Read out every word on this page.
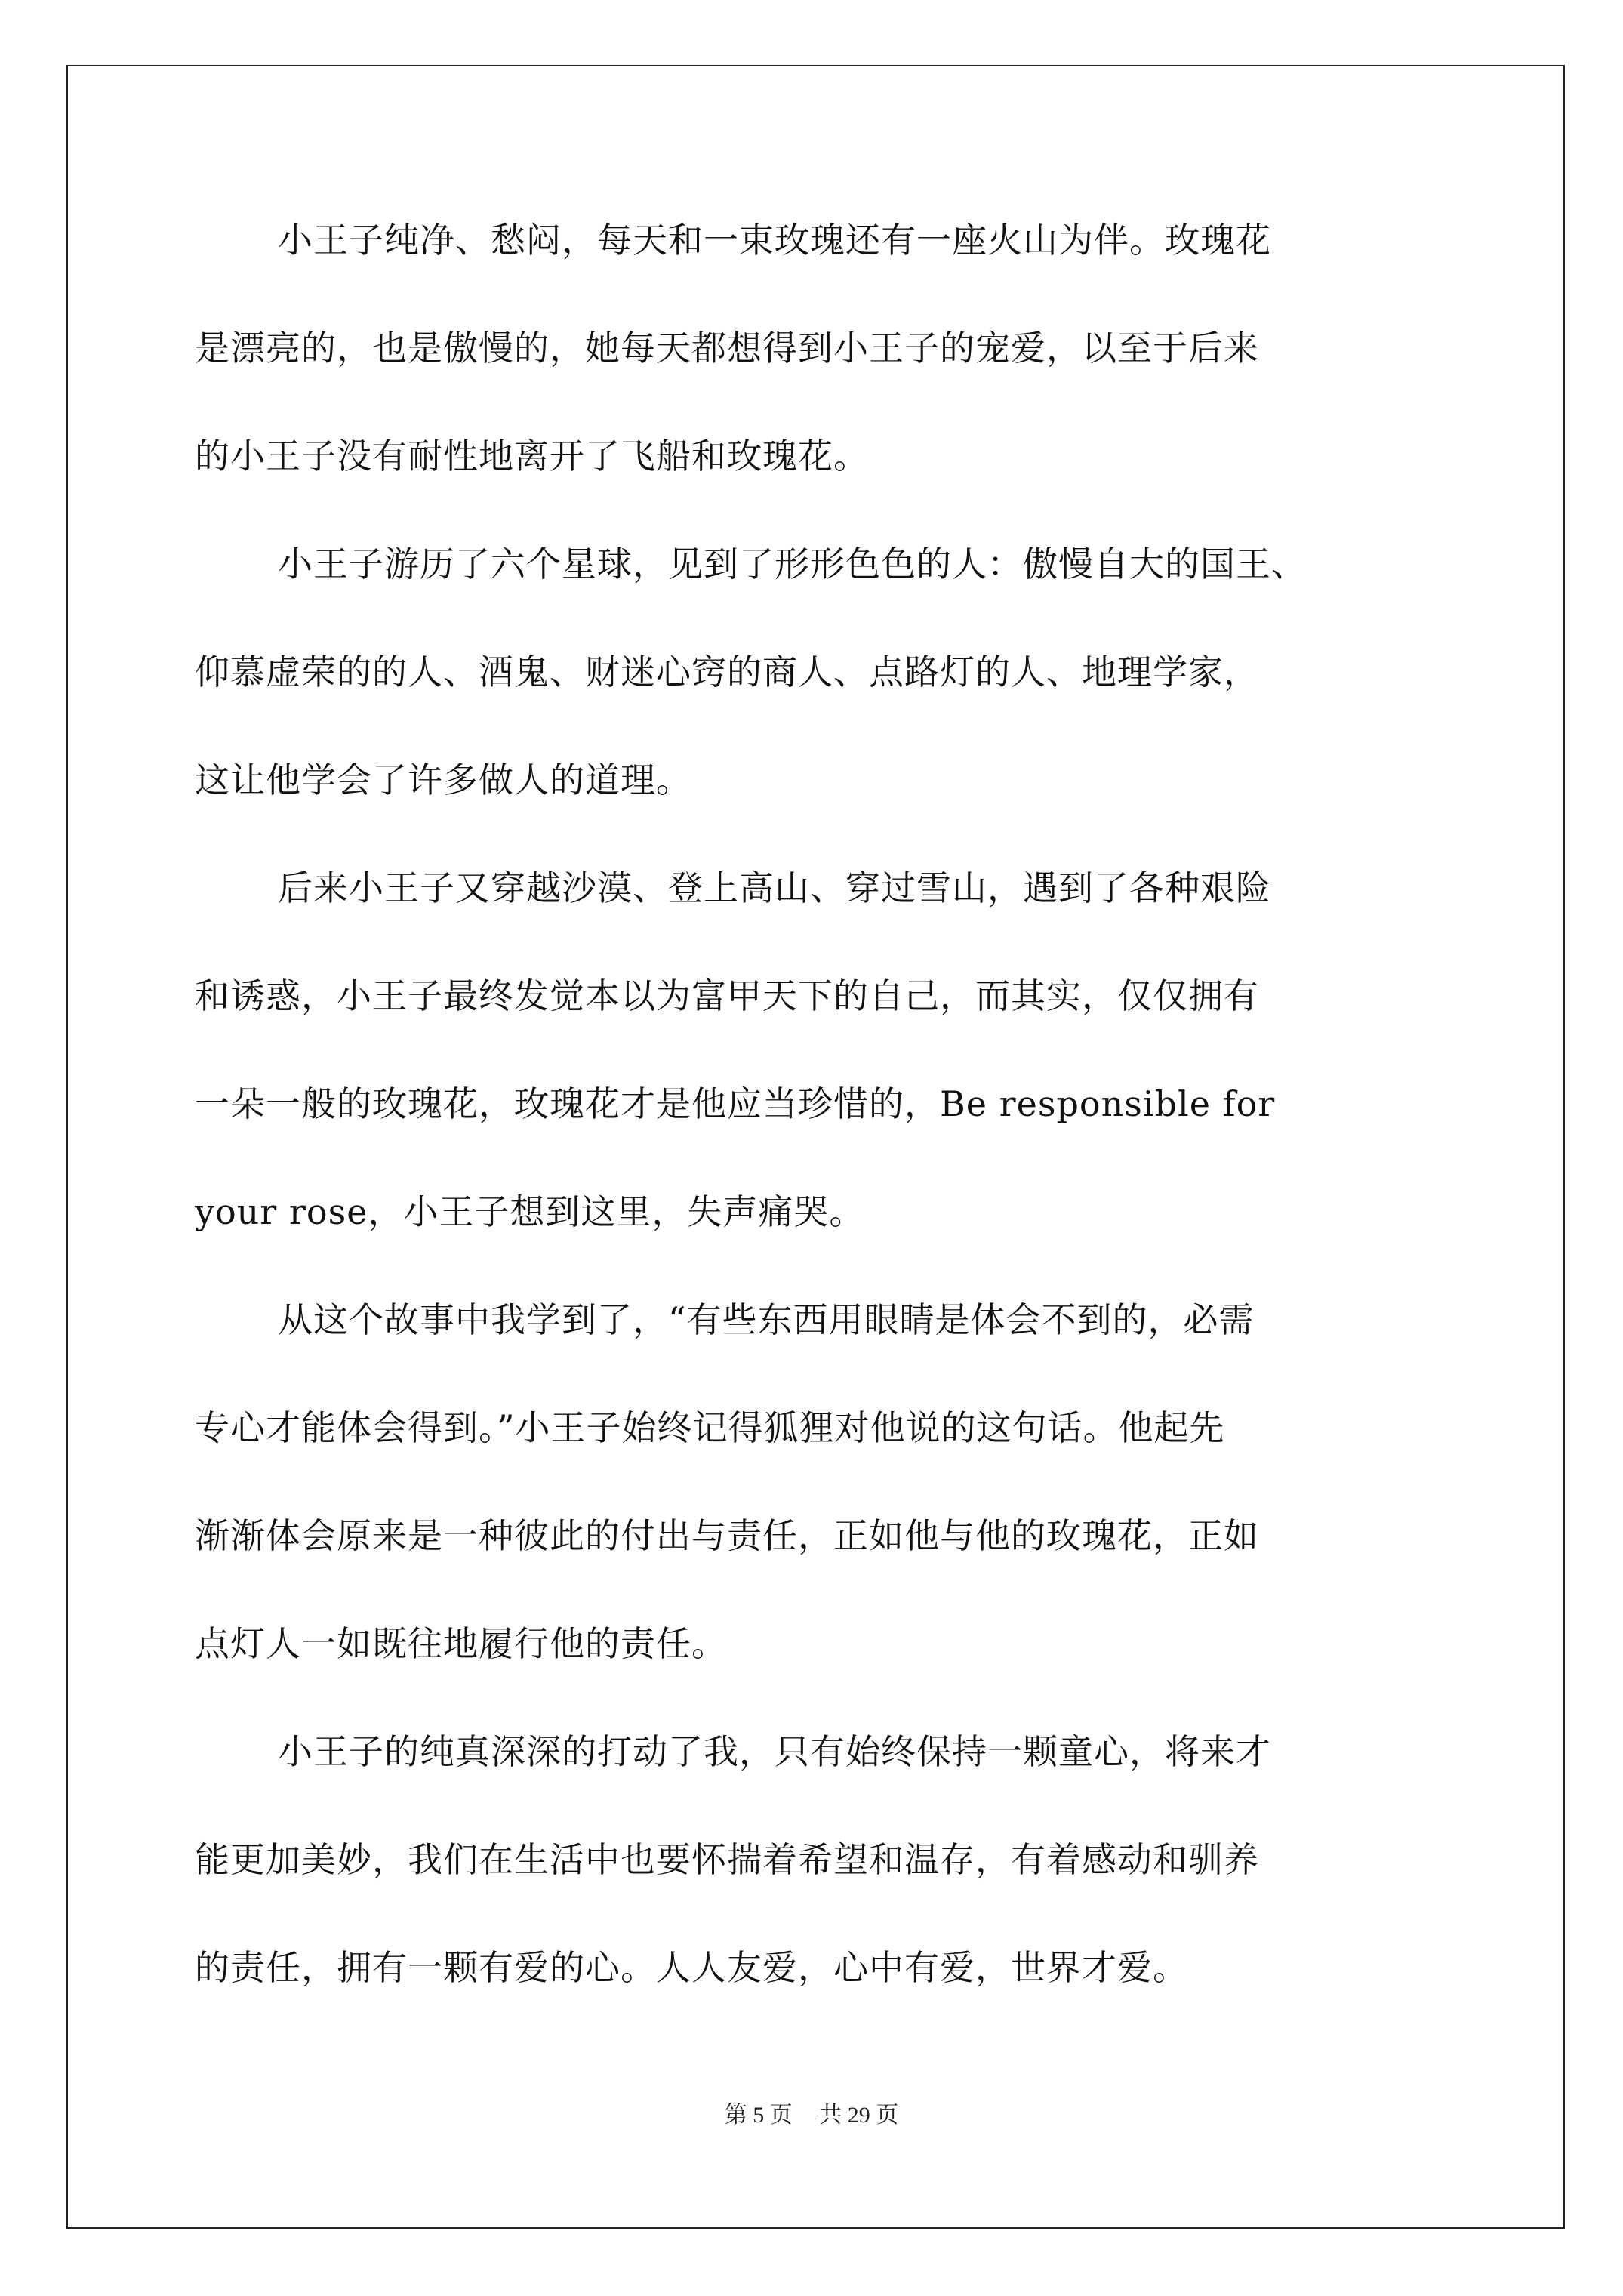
小王子纯净、愁闷，每天和一束玫瑰还有一座火山为伴。玫瑰花
是漂亮的，也是傲慢的，她每天都想得到小王子的宠爱，以至于后来
的小王子没有耐性地离开了飞船和玫瑰花。
小王子游历了六个星球，见到了形形色色的人：傲慢自大的国王、
仰慕虚荣的的人、酒鬼、财迷心窍的商人、点路灯的人、地理学家，
这让他学会了许多做人的道理。
后来小王子又穿越沙漠、登上高山、穿过雪山，遇到了各种艰险
和诱惑，小王子最终发觉本以为富甲天下的自己，而其实，仅仅拥有
一朵一般的玫瑰花，玫瑰花才是他应当珍惜的，Be responsible for
your rose，小王子想到这里，失声痛哭。
从这个故事中我学到了，“有些东西用眼睛是体会不到的，必需
专心才能体会得到。”小王子始终记得狐狸对他说的这句话。他起先
渐渐体会原来是一种彼此的付出与责任，正如他与他的玫瑰花，正如
点灯人一如既往地履行他的责任。
小王子的纯真深深的打动了我，只有始终保持一颗童心，将来才
能更加美妙，我们在生活中也要怀揣着希望和温存，有着感动和驯养
的责任，拥有一颗有爱的心。人人友爱，心中有爱，世界才爱。
第 5 页 共 29 页
